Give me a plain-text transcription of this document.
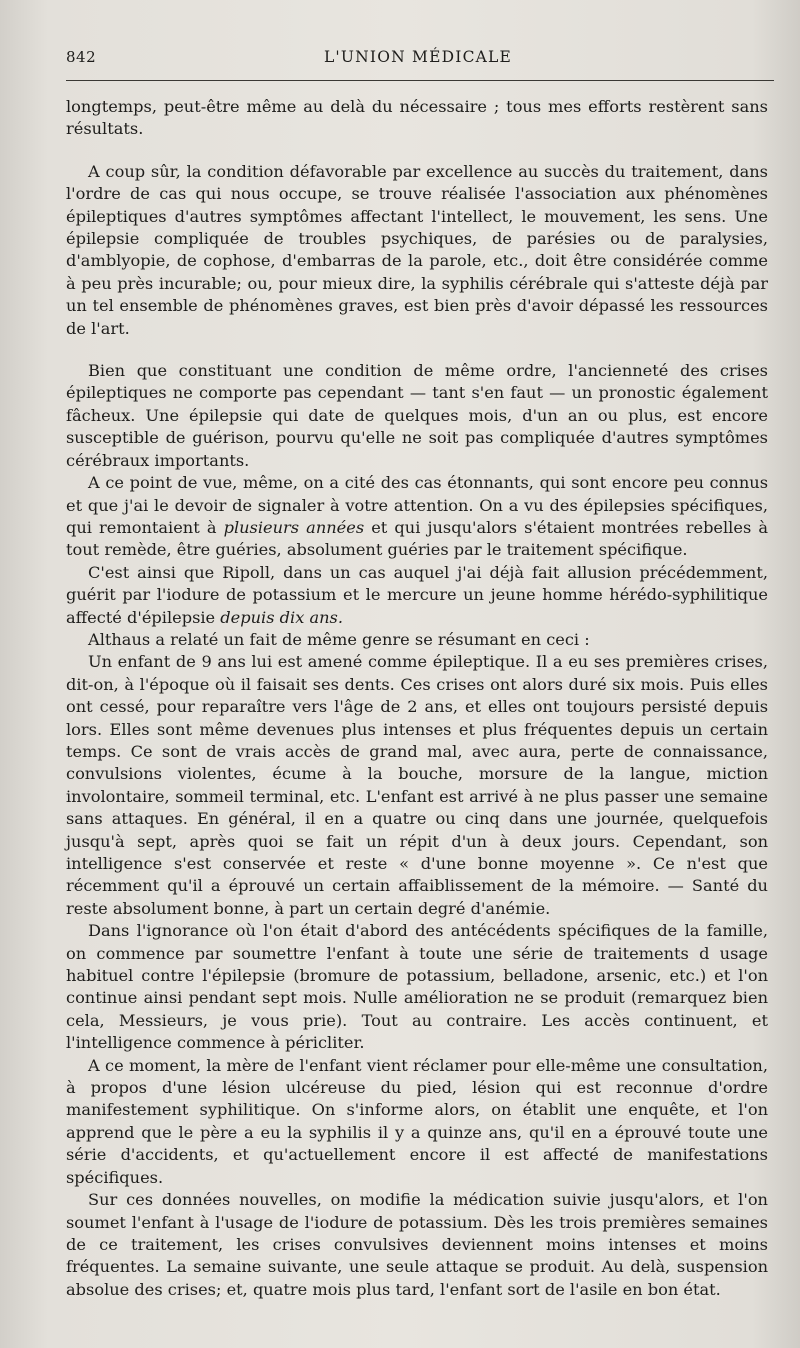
842	L'UNION MÉDICALE

longtemps, peut-être même au delà du nécessaire ; tous mes efforts restèrent sans résultats.

A coup sûr, la condition défavorable par excellence au succès du traitement, dans l'ordre de cas qui nous occupe, se trouve réalisée l'association aux phénomènes épileptiques d'autres symptômes affectant l'intellect, le mouvement, les sens. Une épilepsie compliquée de troubles psychiques, de parésies ou de paralysies, d'amblyopie, de cophose, d'embarras de la parole, etc., doit être considérée comme à peu près incurable; ou, pour mieux dire, la syphilis cérébrale qui s'atteste déjà par un tel ensemble de phénomènes graves, est bien près d'avoir dépassé les ressources de l'art.

Bien que constituant une condition de même ordre, l'ancienneté des crises épileptiques ne comporte pas cependant — tant s'en faut — un pronostic également fâcheux. Une épilepsie qui date de quelques mois, d'un an ou plus, est encore susceptible de guérison, pourvu qu'elle ne soit pas compliquée d'autres symptômes cérébraux importants.

A ce point de vue, même, on a cité des cas étonnants, qui sont encore peu connus et que j'ai le devoir de signaler à votre attention. On a vu des épilepsies spécifiques, qui remontaient à plusieurs années et qui jusqu'alors s'étaient montrées rebelles à tout remède, être guéries, absolument guéries par le traitement spécifique.

C'est ainsi que Ripoll, dans un cas auquel j'ai déjà fait allusion précédemment, guérit par l'iodure de potassium et le mercure un jeune homme hérédo-syphilitique affecté d'épilepsie depuis dix ans.

Althaus a relaté un fait de même genre se résumant en ceci :

Un enfant de 9 ans lui est amené comme épileptique. Il a eu ses premières crises, dit-on, à l'époque où il faisait ses dents. Ces crises ont alors duré six mois. Puis elles ont cessé, pour reparaître vers l'âge de 2 ans, et elles ont toujours persisté depuis lors. Elles sont même devenues plus intenses et plus fréquentes depuis un certain temps. Ce sont de vrais accès de grand mal, avec aura, perte de connaissance, convulsions violentes, écume à la bouche, morsure de la langue, miction involontaire, sommeil terminal, etc. L'enfant est arrivé à ne plus passer une semaine sans attaques. En général, il en a quatre ou cinq dans une journée, quelquefois jusqu'à sept, après quoi se fait un répit d'un à deux jours. Cependant, son intelligence s'est conservée et reste « d'une bonne moyenne ». Ce n'est que récemment qu'il a éprouvé un certain affaiblissement de la mémoire. — Santé du reste absolument bonne, à part un certain degré d'anémie.

Dans l'ignorance où l'on était d'abord des antécédents spécifiques de la famille, on commence par soumettre l'enfant à toute une série de traitements d usage habituel contre l'épilepsie (bromure de potassium, belladone, arsenic, etc.) et l'on continue ainsi pendant sept mois. Nulle amélioration ne se produit (remarquez bien cela, Messieurs, je vous prie). Tout au contraire. Les accès continuent, et l'intelligence commence à péricliter.

A ce moment, la mère de l'enfant vient réclamer pour elle-même une consultation, à propos d'une lésion ulcéreuse du pied, lésion qui est reconnue d'ordre manifestement syphilitique. On s'informe alors, on établit une enquête, et l'on apprend que le père a eu la syphilis il y a quinze ans, qu'il en a éprouvé toute une série d'accidents, et qu'actuellement encore il est affecté de manifestations spécifiques.

Sur ces données nouvelles, on modifie la médication suivie jusqu'alors, et l'on soumet l'enfant à l'usage de l'iodure de potassium. Dès les trois premières semaines de ce traitement, les crises convulsives deviennent moins intenses et moins fréquentes. La semaine suivante, une seule attaque se produit. Au delà, suspension absolue des crises; et, quatre mois plus tard, l'enfant sort de l'asile en bon état.
